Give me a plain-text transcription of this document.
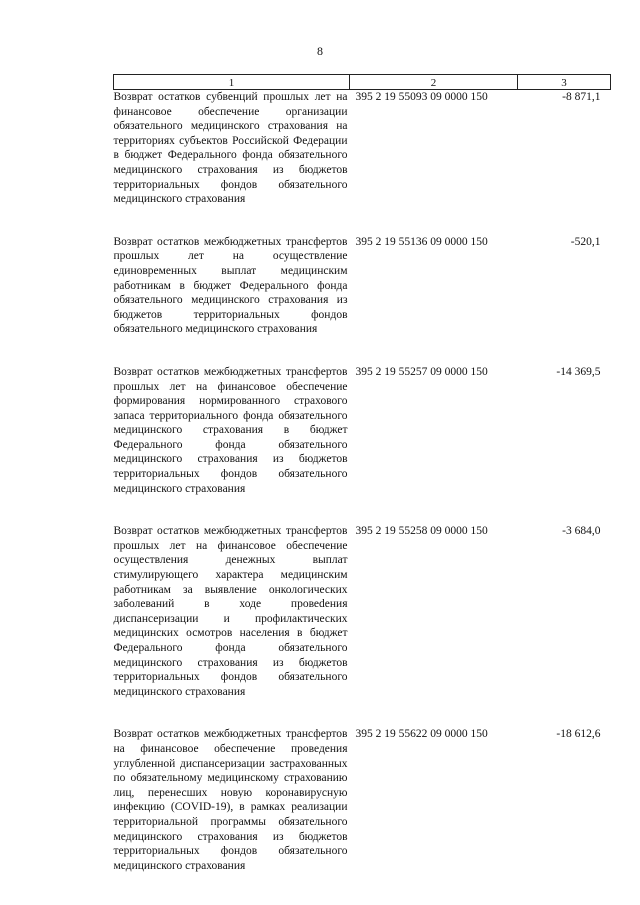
8
1	2	3
Возврат остатков субвенций прошлых лет на финансовое обеспечение организации обязательного медицинского страхования на территориях субъектов Российской Федерации в бюджет Федерального фонда обязательного медицинского страхования из бюджетов территориальных фондов обязательного медицинского страхования	395 2 19 55093 09 0000 150	-8 871,1
Возврат остатков межбюджетных трансфертов прошлых лет на осуществление единовременных выплат медицинским работникам в бюджет Федерального фонда обязательного медицинского страхования из бюджетов территориальных фондов обязательного медицинского страхования	395 2 19 55136 09 0000 150	-520,1
Возврат остатков межбюджетных трансфертов прошлых лет на финансовое обеспечение формирования нормированного страхового запаса территориального фонда обязательного медицинского страхования в бюджет Федерального фонда обязательного медицинского страхования из бюджетов территориальных фондов обязательного медицинского страхования	395 2 19 55257 09 0000 150	-14 369,5
Возврат остатков межбюджетных трансфертов прошлых лет на финансовое обеспечение осуществления денежных выплат стимулирующего характера медицинским работникам за выявление онкологических заболеваний в ходе провеdения диспансеризации и профилактических медицинских осмотров населения в бюджет Федерального фонда обязательного медицинского страхования из бюджетов территориальных фондов обязательного медицинского страхования	395 2 19 55258 09 0000 150	-3 684,0
Возврат остатков межбюджетных трансфертов на финансовое обеспечение проведения углубленной диспансеризации застрахованных по обязательному медицинскому страхованию лиц, перенесших новую коронавирусную инфекцию (COVID-19), в рамках реализации территориальной программы обязательного медицинского страхования из бюджетов территориальных фондов обязательного медицинского страхования	395 2 19 55622 09 0000 150	-18 612,6
